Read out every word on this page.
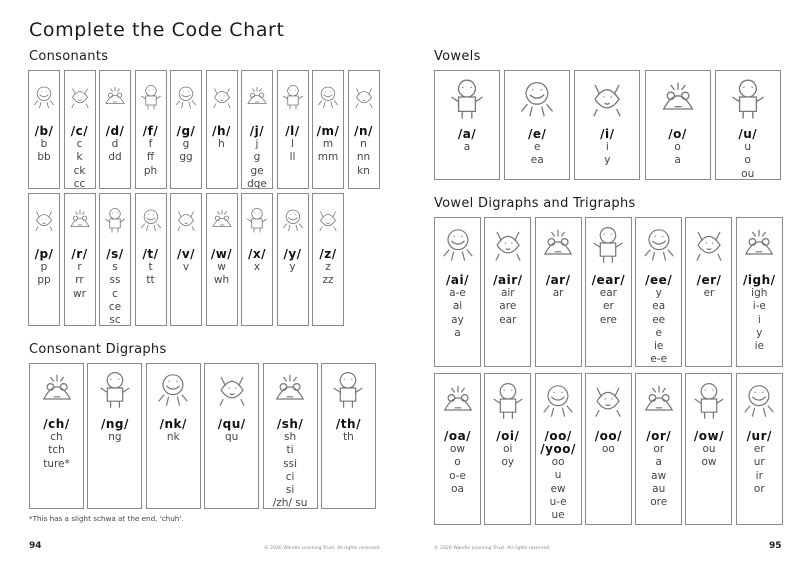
Complete the Code Chart
Consonants
/b/
b
bb
/c/
c
k
ck
cc
/d/
d
dd
/f/
f
ff
ph
/g/
g
gg
/h/
h
/j/
j
g
ge
dge
/l/
l
ll
/m/
m
mm
/n/
n
nn
kn
/p/
p
pp
/r/
r
rr
wr
/s/
s
ss
c
ce
sc
/t/
t
tt
/v/
v
/w/
w
wh
/x/
x
/y/
y
/z/
z
zz
Consonant Digraphs
/ch/
ch
tch
ture*
/ng/
ng
/nk/
nk
/qu/
qu
/sh/
sh
ti
ssi
ci
si
/zh/ su
/th/
th
*This has a slight schwa at the end, 'chuh'.
Vowels
/a/
a
/e/
e
ea
/i/
i
y
/o/
o
a
/u/
u
o
ou
Vowel Digraphs and Trigraphs
/ai/
a-e
ai
ay
a
/air/
air
are
ear
/ar/
ar
/ear/
ear
er
ere
/ee/
y
ea
ee
e
ie
e-e
/er/
er
/igh/
igh
i-e
i
y
ie
/oa/
ow
o
o-e
oa
/oi/
oi
oy
/oo/
/yoo/
oo
u
ew
u-e
ue
/oo/
oo
/or/
or
a
aw
au
ore
/ow/
ou
ow
/ur/
er
ur
ir
or
94	© 2026 Wandle Learning Trust. All rights reserved.	© 2026 Wandle Learning Trust. All rights reserved.	95
